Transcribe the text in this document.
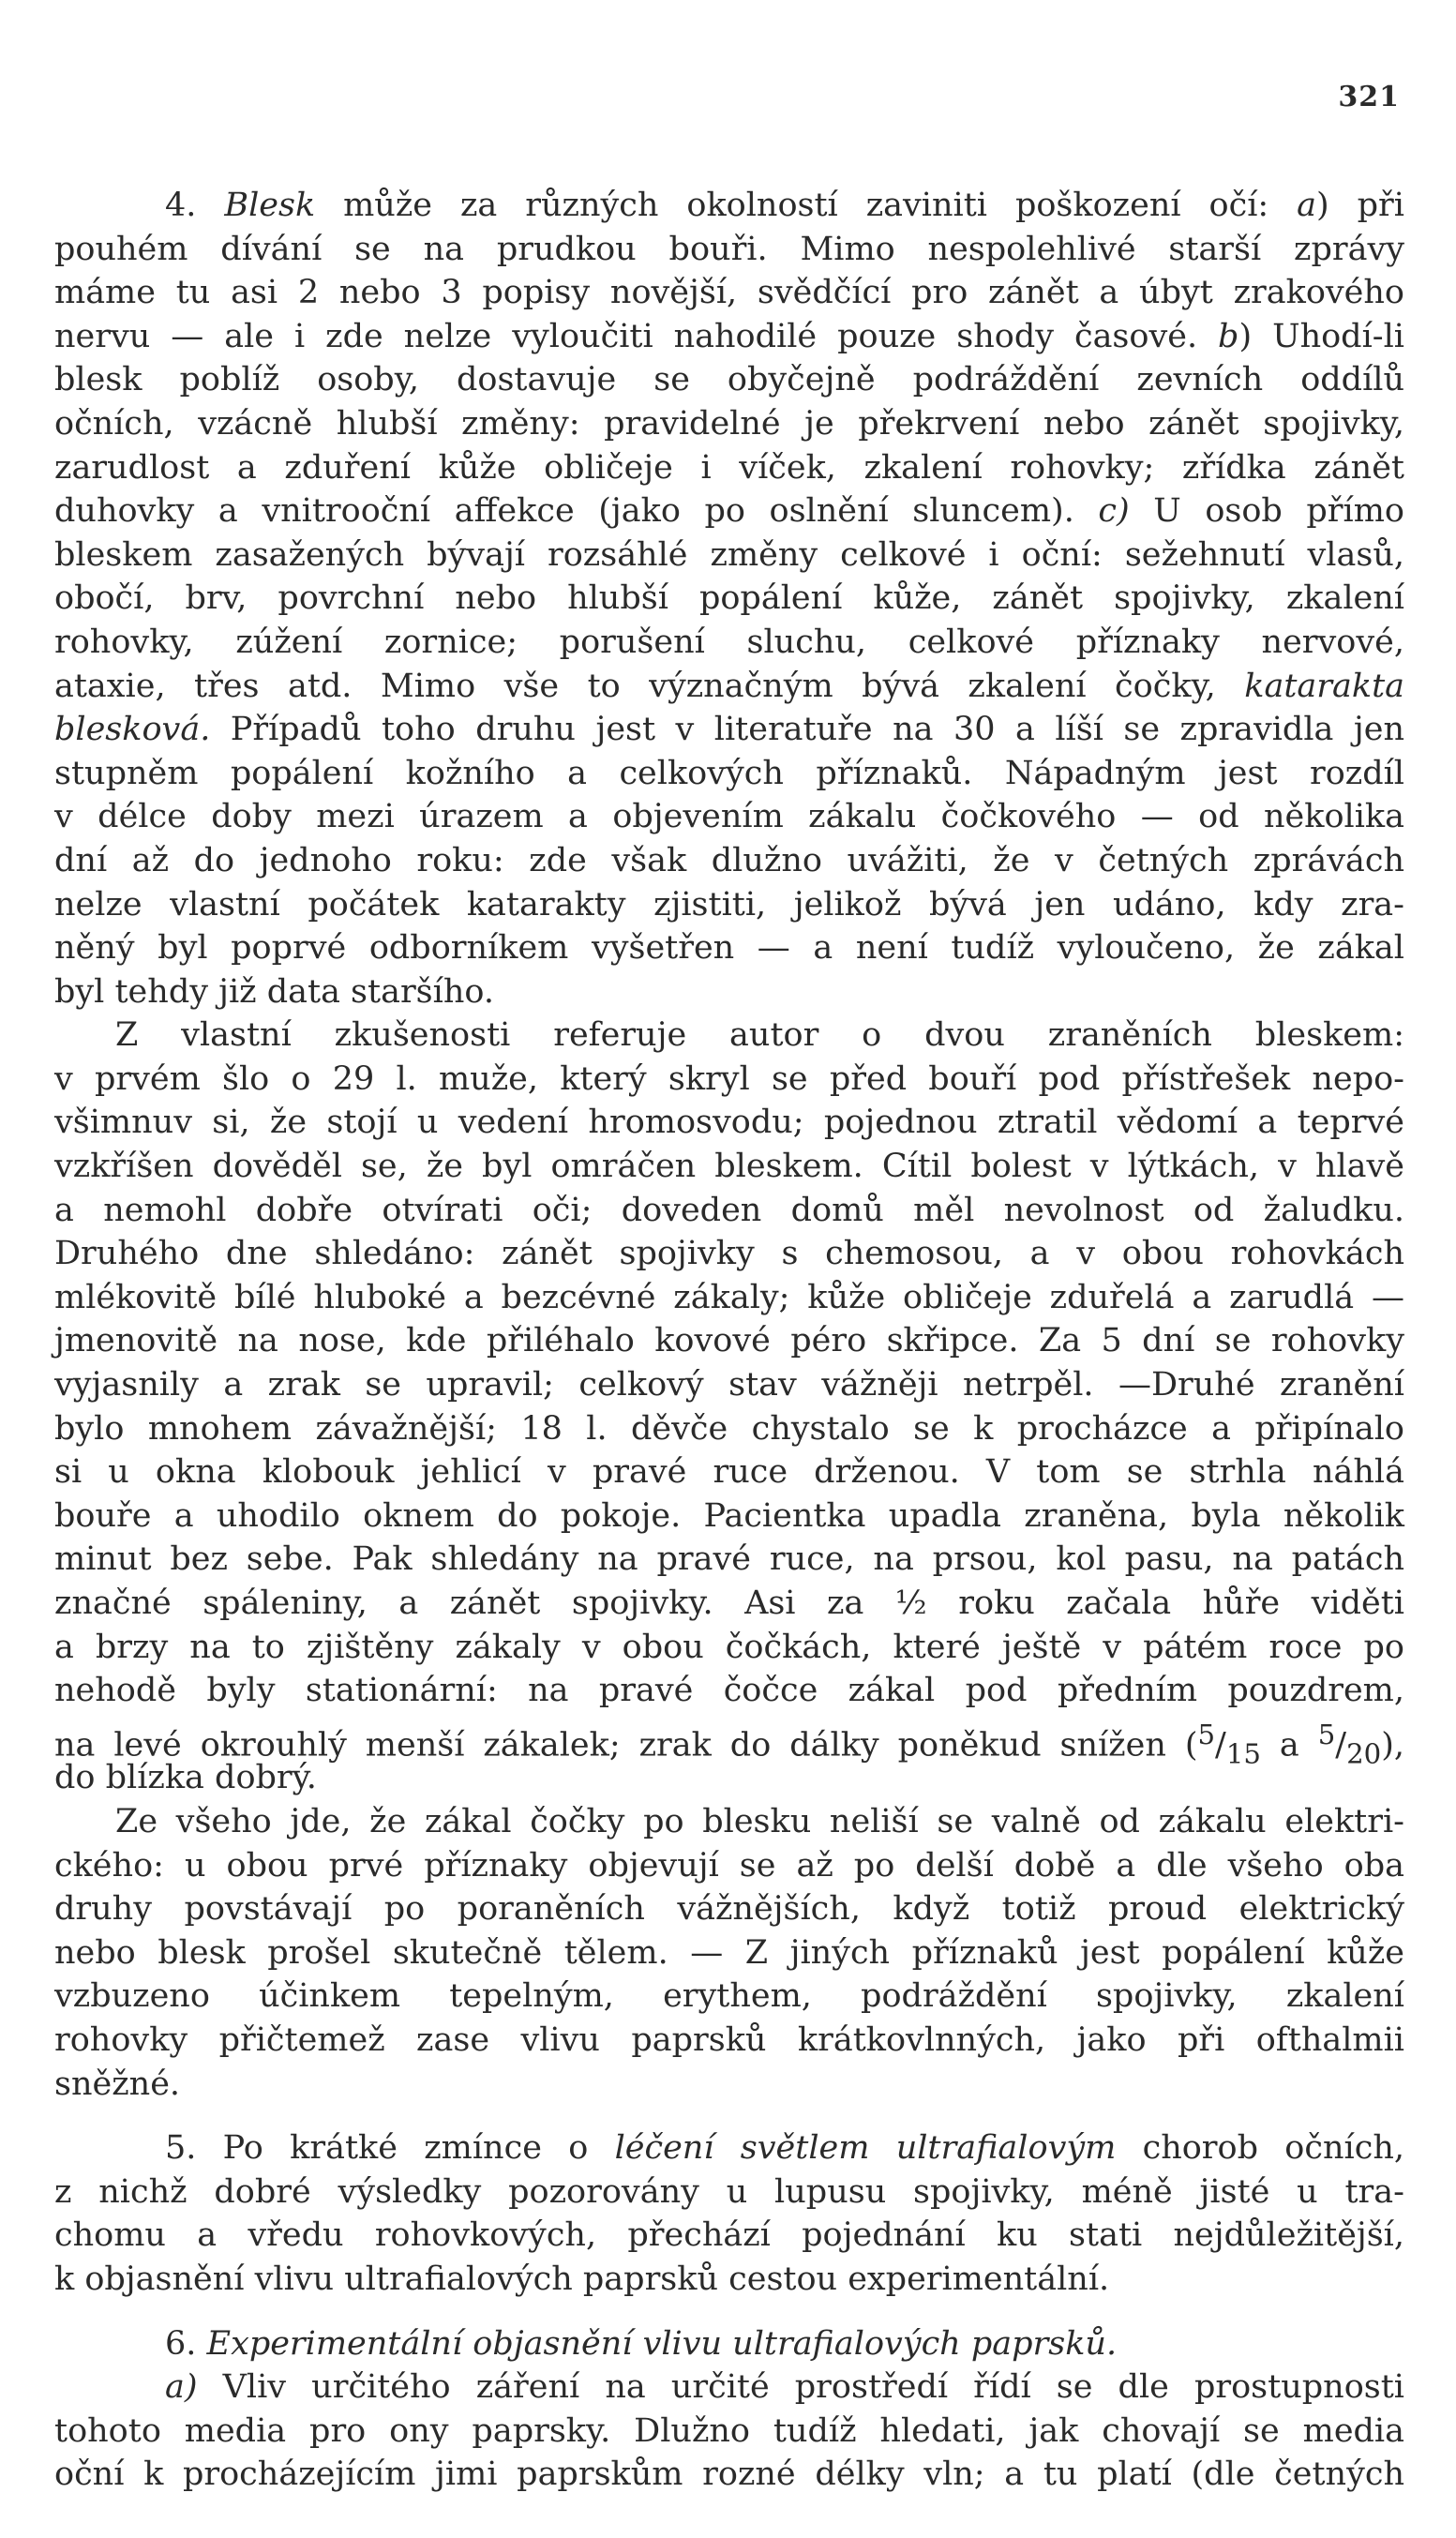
321
4. Blesk může za různých okolností zaviniti poškození očí: a) při
pouhém dívání se na prudkou bouři. Mimo nespolehlivé starší zprávy
máme tu asi 2 nebo 3 popisy novější, svědčící pro zánět a úbyt zrakového
nervu — ale i zde nelze vyloučiti nahodilé pouze shody časové. b) Uhodí-li
blesk poblíž osoby, dostavuje se obyčejně podráždění zevních oddílů
očních, vzácně hlubší změny: pravidelné je překrvení nebo zánět spojivky,
zarudlost a zduření kůže obličeje i víček, zkalení rohovky; zřídka zánět
duhovky a vnitrooční affekce (jako po oslnění sluncem). c) U osob přímo
bleskem zasažených bývají rozsáhlé změny celkové i oční: sežehnutí vlasů,
obočí, brv, povrchní nebo hlubší popálení kůže, zánět spojivky, zkalení
rohovky, zúžení zornice; porušení sluchu, celkové příznaky nervové,
ataxie, třes atd. Mimo vše to význačným bývá zkalení čočky, katarakta
blesková. Případů toho druhu jest v literatuře na 30 a líší se zpravidla jen
stupněm popálení kožního a celkových příznaků. Nápadným jest rozdíl
v délce doby mezi úrazem a objevením zákalu čočkového — od několika
dní až do jednoho roku: zde však dlužno uvážiti, že v četných zprávách
nelze vlastní počátek katarakty zjistiti, jelikož bývá jen udáno, kdy zra-
něný byl poprvé odborníkem vyšetřen — a není tudíž vyloučeno, že zákal
byl tehdy již data staršího.
Z vlastní zkušenosti referuje autor o dvou zraněních bleskem:
v prvém šlo o 29 l. muže, který skryl se před bouří pod přístřešek nepo-
všimnuv si, že stojí u vedení hromosvodu; pojednou ztratil vědomí a teprvé
vzkříšen dověděl se, že byl omráčen bleskem. Cítil bolest v lýtkách, v hlavě
a nemohl dobře otvírati oči; doveden domů měl nevolnost od žaludku.
Druhého dne shledáno: zánět spojivky s chemosou, a v obou rohovkách
mlékovitě bílé hluboké a bezcévné zákaly; kůže obličeje zduřelá a zarudlá —
jmenovitě na nose, kde přiléhalo kovové péro skřipce. Za 5 dní se rohovky
vyjasnily a zrak se upravil; celkový stav vážněji netrpěl. —Druhé zranění
bylo mnohem závažnější; 18 l. děvče chystalo se k procházce a připínalo
si u okna klobouk jehlicí v pravé ruce drženou. V tom se strhla náhlá
bouře a uhodilo oknem do pokoje. Pacientka upadla zraněna, byla několik
minut bez sebe. Pak shledány na pravé ruce, na prsou, kol pasu, na patách
značné spáleniny, a zánět spojivky. Asi za ½ roku začala hůře viděti
a brzy na to zjištěny zákaly v obou čočkách, které ještě v pátém roce po
nehodě byly stationární: na pravé čočce zákal pod předním pouzdrem,
na levé okrouhlý menší zákalek; zrak do dálky poněkud snížen ($^5/_{15}$ a $^5/_{20}$),
do blízka dobrý.
Ze všeho jde, že zákal čočky po blesku neliší se valně od zákalu elektri-
ckého: u obou prvé příznaky objevují se až po delší době a dle všeho oba
druhy povstávají po poraněních vážnějších, když totiž proud elektrický
nebo blesk prošel skutečně tělem. — Z jiných příznaků jest popálení kůže
vzbuzeno účinkem tepelným, erythem, podráždění spojivky, zkalení
rohovky přičtemež zase vlivu paprsků krátkovlnných, jako při ofthalmii
sněžné.
5. Po krátké zmínce o léčení světlem ultrafialovým chorob očních,
z nichž dobré výsledky pozorovány u lupusu spojivky, méně jisté u tra-
chomu a vředu rohovkových, přechází pojednání ku stati nejdůležitější,
k objasnění vlivu ultrafialových paprsků cestou experimentální.
6. Experimentální objasnění vlivu ultrafialových paprsků.
a) Vliv určitého záření na určité prostředí řídí se dle prostupnosti
tohoto media pro ony paprsky. Dlužno tudíž hledati, jak chovají se media
oční k procházejícím jimi paprskům rozné délky vln; a tu platí (dle četných
